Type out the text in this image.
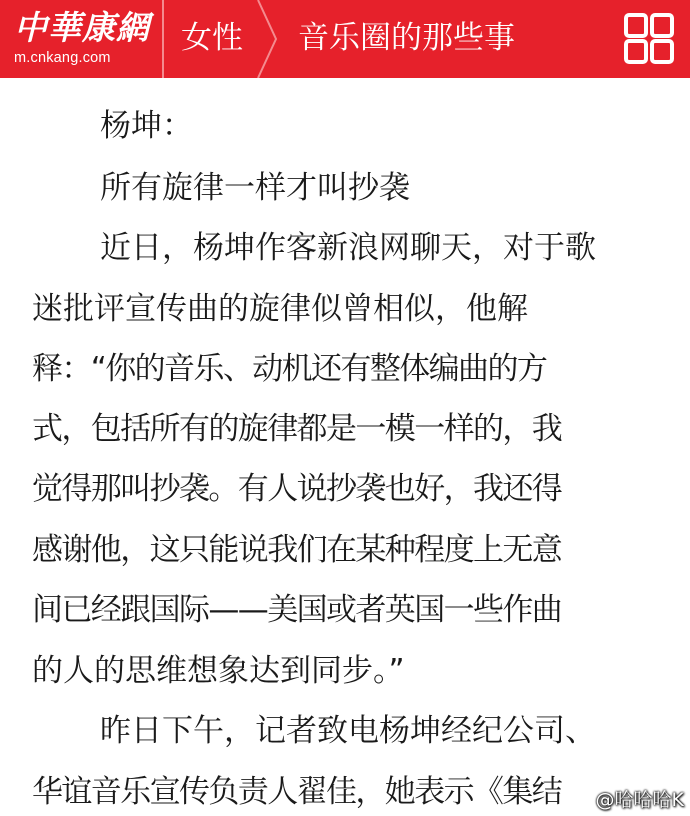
中華康網
m.cnkang.com
女性 音乐圈的那些事
杨坤：
所有旋律一样才叫抄袭
近日，杨坤作客新浪网聊天，对于歌
迷批评宣传曲的旋律似曾相似，他解
释：“你的音乐、动机还有整体编曲的方
式，包括所有的旋律都是一模一样的，我
觉得那叫抄袭。有人说抄袭也好，我还得
感谢他，这只能说我们在某种程度上无意
间已经跟国际——美国或者英国一些作曲
的人的思维想象达到同步。”
昨日下午，记者致电杨坤经纪公司、
华谊音乐宣传负责人翟佳，她表示《集结 @哈哈哈K
